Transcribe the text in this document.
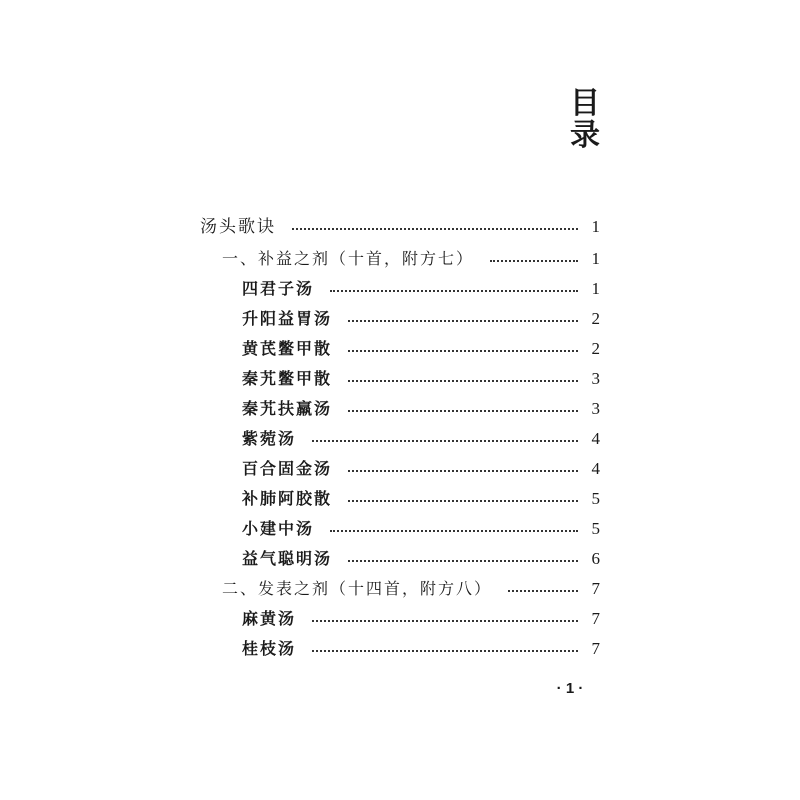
目
录
汤头歌诀	1
一、补益之剂（十首，附方七）	1
四君子汤	1
升阳益胃汤	2
黄芪鳖甲散	2
秦艽鳖甲散	3
秦艽扶羸汤	3
紫菀汤	4
百合固金汤	4
补肺阿胶散	5
小建中汤	5
益气聪明汤	6
二、发表之剂（十四首，附方八）	7
麻黄汤	7
桂枝汤	7
· 1 ·
